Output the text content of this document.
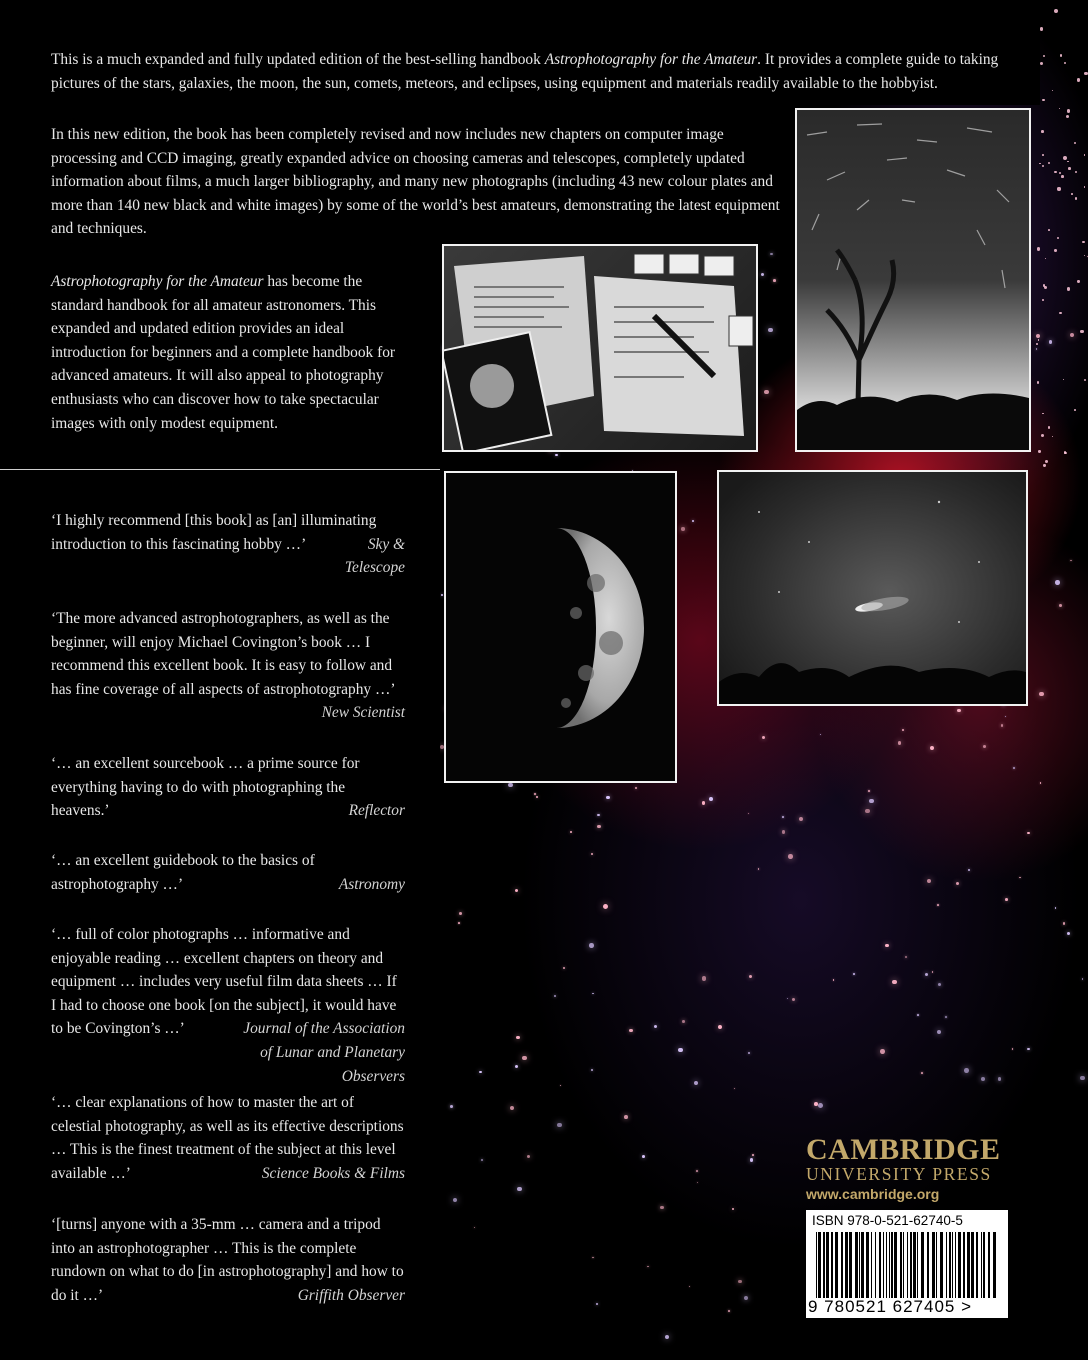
This is a much expanded and fully updated edition of the best-selling handbook Astrophotography for the Amateur. It provides a complete guide to taking pictures of the stars, galaxies, the moon, the sun, comets, meteors, and eclipses, using equipment and materials readily available to the hobbyist.

In this new edition, the book has been completely revised and now includes new chapters on computer image processing and CCD imaging, greatly expanded advice on choosing cameras and telescopes, completely updated information about films, a much larger bibliography, and many new photographs (including 43 new colour plates and more than 140 new black and white images) by some of the world’s best amateurs, demonstrating the latest equipment and techniques.

Astrophotography for the Amateur has become the standard handbook for all amateur astronomers. This expanded and updated edition provides an ideal introduction for beginners and a complete handbook for advanced amateurs. It will also appeal to photography enthusiasts who can discover how to take spectacular images with only modest equipment.

‘I highly recommend [this book] as [an] illuminating introduction to this fascinating hobby …’	Sky & Telescope
‘The more advanced astrophotographers, as well as the beginner, will enjoy Michael Covington’s book … I recommend this excellent book. It is easy to follow and has fine coverage of all aspects of astrophotography …’
New Scientist
‘… an excellent sourcebook … a prime source for everything having to do with photographing the heavens.’	Reflector
‘… an excellent guidebook to the basics of astrophotography …’	Astronomy
‘… full of color photographs … informative and enjoyable reading … excellent chapters on theory and equipment … includes very useful film data sheets … If I had to choose one book [on the subject], it would have to be Covington’s …’	Journal of the Association of Lunar and Planetary Observers
‘… clear explanations of how to master the art of celestial photography, as well as its effective descriptions … This is the finest treatment of the subject at this level available …’	Science Books & Films
‘[turns] anyone with a 35-mm … camera and a tripod into an astrophotographer … This is the complete rundown on what to do [in astrophotography] and how to do it …’	Griffith Observer
CAMBRIDGE
UNIVERSITY PRESS
www.cambridge.org
ISBN 978-0-521-62740-5
9 780521 627405 >
